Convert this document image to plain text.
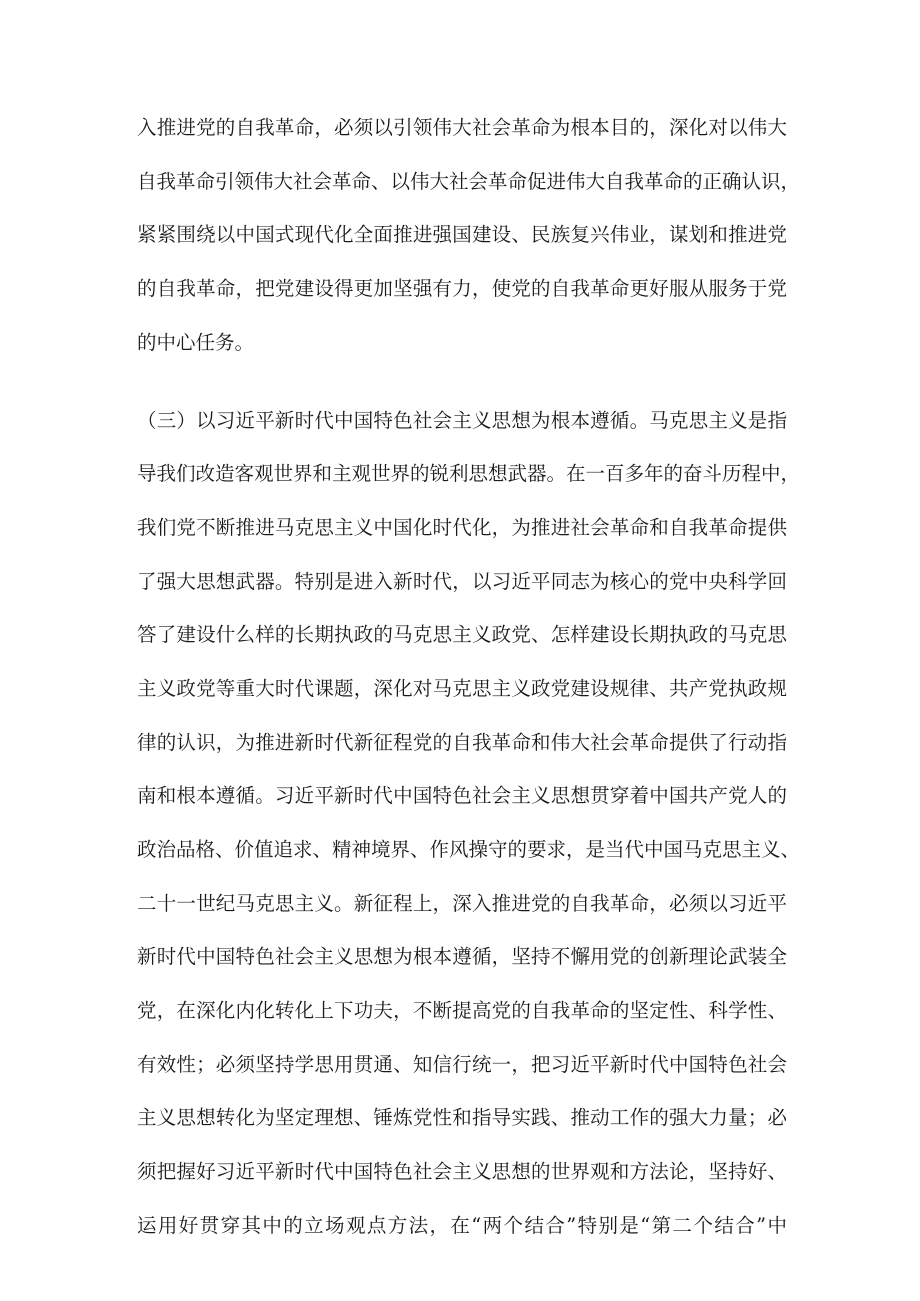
入推进党的自我革命，必须以引领伟大社会革命为根本目的，深化对以伟大
自我革命引领伟大社会革命、以伟大社会革命促进伟大自我革命的正确认识，
紧紧围绕以中国式现代化全面推进强国建设、民族复兴伟业，谋划和推进党
的自我革命，把党建设得更加坚强有力，使党的自我革命更好服从服务于党
的中心任务。
（三）以习近平新时代中国特色社会主义思想为根本遵循。马克思主义是指
导我们改造客观世界和主观世界的锐利思想武器。在一百多年的奋斗历程中，
我们党不断推进马克思主义中国化时代化，为推进社会革命和自我革命提供
了强大思想武器。特别是进入新时代，以习近平同志为核心的党中央科学回
答了建设什么样的长期执政的马克思主义政党、怎样建设长期执政的马克思
主义政党等重大时代课题，深化对马克思主义政党建设规律、共产党执政规
律的认识，为推进新时代新征程党的自我革命和伟大社会革命提供了行动指
南和根本遵循。习近平新时代中国特色社会主义思想贯穿着中国共产党人的
政治品格、价值追求、精神境界、作风操守的要求，是当代中国马克思主义、
二十一世纪马克思主义。新征程上，深入推进党的自我革命，必须以习近平
新时代中国特色社会主义思想为根本遵循，坚持不懈用党的创新理论武装全
党，在深化内化转化上下功夫，不断提高党的自我革命的坚定性、科学性、
有效性；必须坚持学思用贯通、知信行统一，把习近平新时代中国特色社会
主义思想转化为坚定理想、锤炼党性和指导实践、推动工作的强大力量；必
须把握好习近平新时代中国特色社会主义思想的世界观和方法论，坚持好、
运用好贯穿其中的立场观点方法，在“两个结合”特别是“第二个结合”中
